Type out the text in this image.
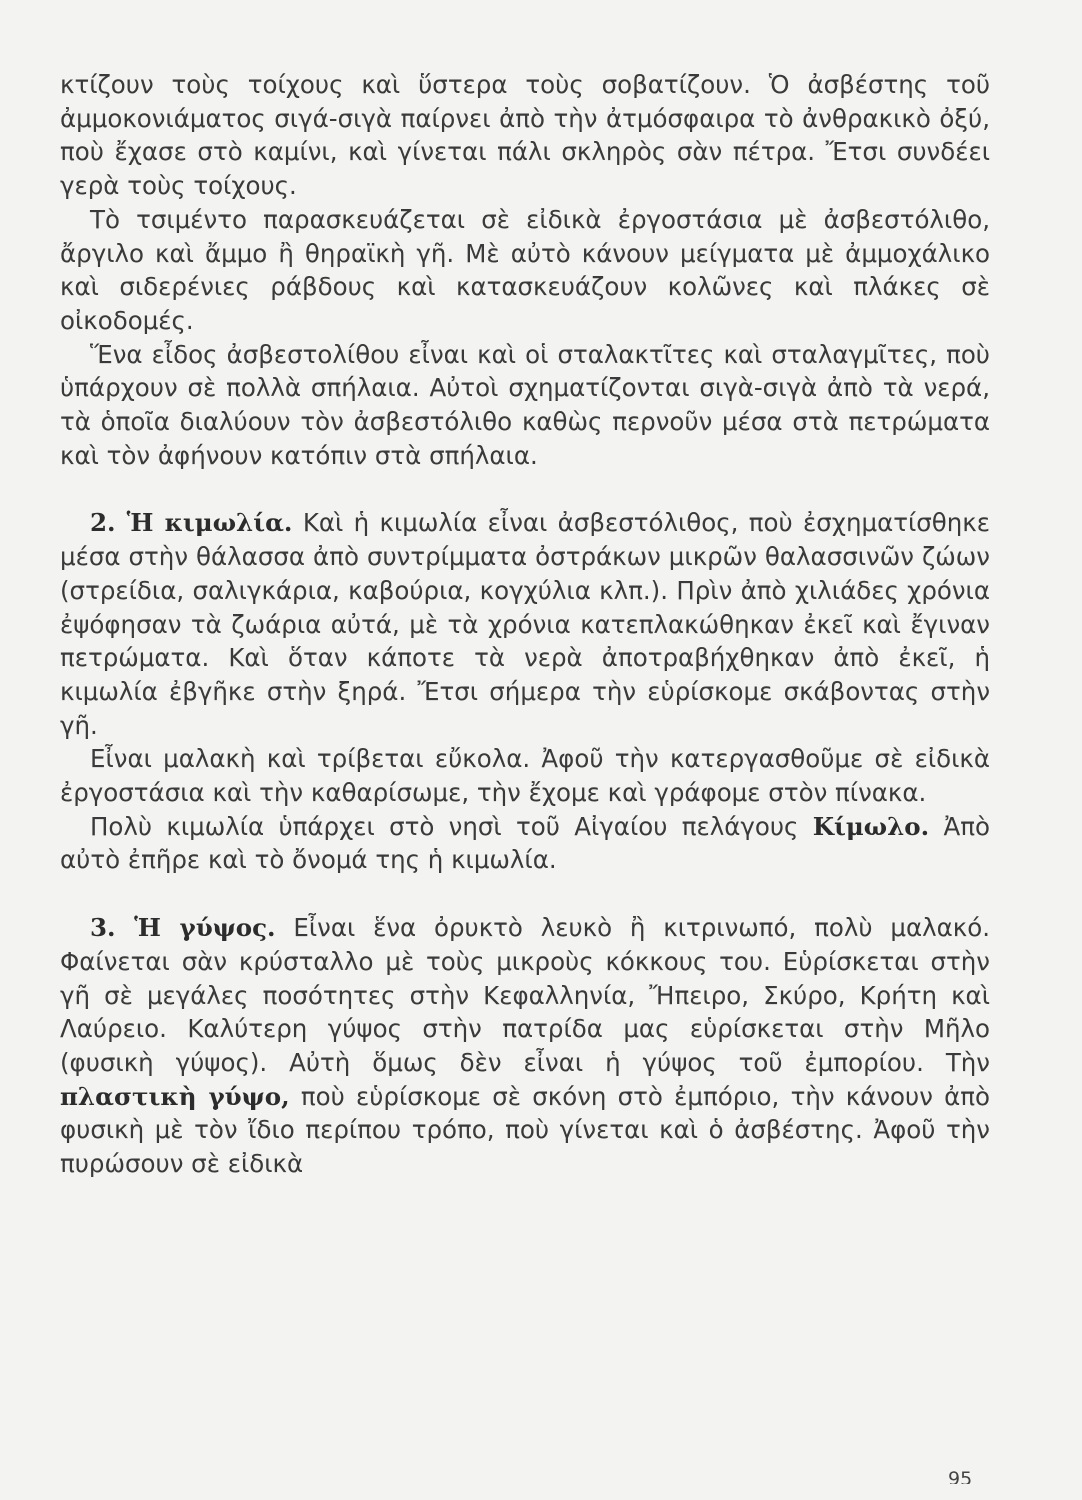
κτίζουν τοὺς τοίχους καὶ ὕστερα τοὺς σοβατίζουν. Ὁ ἀσβέστης τοῦ ἀμμοκονιάματος σιγά-σιγὰ παίρνει ἀπὸ τὴν ἀτμόσφαιρα τὸ ἀνθρακικὸ ὀξύ, ποὺ ἔχασε στὸ καμίνι, καὶ γίνεται πάλι σκληρὸς σὰν πέτρα. Ἔτσι συνδέει γερὰ τοὺς τοίχους.

Τὸ τσιμέντο παρασκευάζεται σὲ εἰδικὰ ἐργοστάσια μὲ ἀσβεστόλιθο, ἄργιλο καὶ ἄμμο ἢ θηραϊκὴ γῆ. Μὲ αὐτὸ κάνουν μείγματα μὲ ἀμμοχάλικο καὶ σιδερένιες ράβδους καὶ κατασκευάζουν κολῶνες καὶ πλάκες σὲ οἰκοδομές.

Ἕνα εἶδος ἀσβεστολίθου εἶναι καὶ οἱ σταλακτῖτες καὶ σταλαγμῖτες, ποὺ ὑπάρχουν σὲ πολλὰ σπήλαια. Αὐτοὶ σχηματίζονται σιγὰ-σιγὰ ἀπὸ τὰ νερά, τὰ ὁποῖα διαλύουν τὸν ἀσβεστόλιθο καθὼς περνοῦν μέσα στὰ πετρώματα καὶ τὸν ἀφήνουν κατόπιν στὰ σπήλαια.

2. Ἡ κιμωλία. Καὶ ἡ κιμωλία εἶναι ἀσβεστόλιθος, ποὺ ἐσχηματίσθηκε μέσα στὴν θάλασσα ἀπὸ συντρίμματα ὀστράκων μικρῶν θαλασσινῶν ζώων (στρείδια, σαλιγκάρια, καβούρια, κογχύλια κλπ.). Πρὶν ἀπὸ χιλιάδες χρόνια ἐψόφησαν τὰ ζωάρια αὐτά, μὲ τὰ χρόνια κατεπλακώθηκαν ἐκεῖ καὶ ἔγιναν πετρώματα. Καὶ ὅταν κάποτε τὰ νερὰ ἀποτραβήχθηκαν ἀπὸ ἐκεῖ, ἡ κιμωλία ἐβγῆκε στὴν ξηρά. Ἔτσι σήμερα τὴν εὑρίσκομε σκάβοντας στὴν γῆ.

Εἶναι μαλακὴ καὶ τρίβεται εὔκολα. Ἀφοῦ τὴν κατεργασθοῦμε σὲ εἰδικὰ ἐργοστάσια καὶ τὴν καθαρίσωμε, τὴν ἔχομε καὶ γράφομε στὸν πίνακα.

Πολὺ κιμωλία ὑπάρχει στὸ νησὶ τοῦ Αἰγαίου πελάγους Κίμωλο. Ἀπὸ αὐτὸ ἐπῆρε καὶ τὸ ὄνομά της ἡ κιμωλία.

3. Ἡ γύψος. Εἶναι ἕνα ὀρυκτὸ λευκὸ ἢ κιτρινωπό, πολὺ μαλακό. Φαίνεται σὰν κρύσταλλο μὲ τοὺς μικροὺς κόκκους του. Εὑρίσκεται στὴν γῆ σὲ μεγάλες ποσότητες στὴν Κεφαλληνία, Ἤπειρο, Σκύρο, Κρήτη καὶ Λαύρειο. Καλύτερη γύψος στὴν πατρίδα μας εὑρίσκεται στὴν Μῆλο (φυσικὴ γύψος). Αὐτὴ ὅμως δὲν εἶναι ἡ γύψος τοῦ ἐμπορίου. Τὴν πλαστικὴ γύψο, ποὺ εὑρίσκομε σὲ σκόνη στὸ ἐμπόριο, τὴν κάνουν ἀπὸ φυσικὴ μὲ τὸν ἴδιο περίπου τρόπο, ποὺ γίνεται καὶ ὁ ἀσβέστης. Ἀφοῦ τὴν πυρώσουν σὲ εἰδικὰ

95
